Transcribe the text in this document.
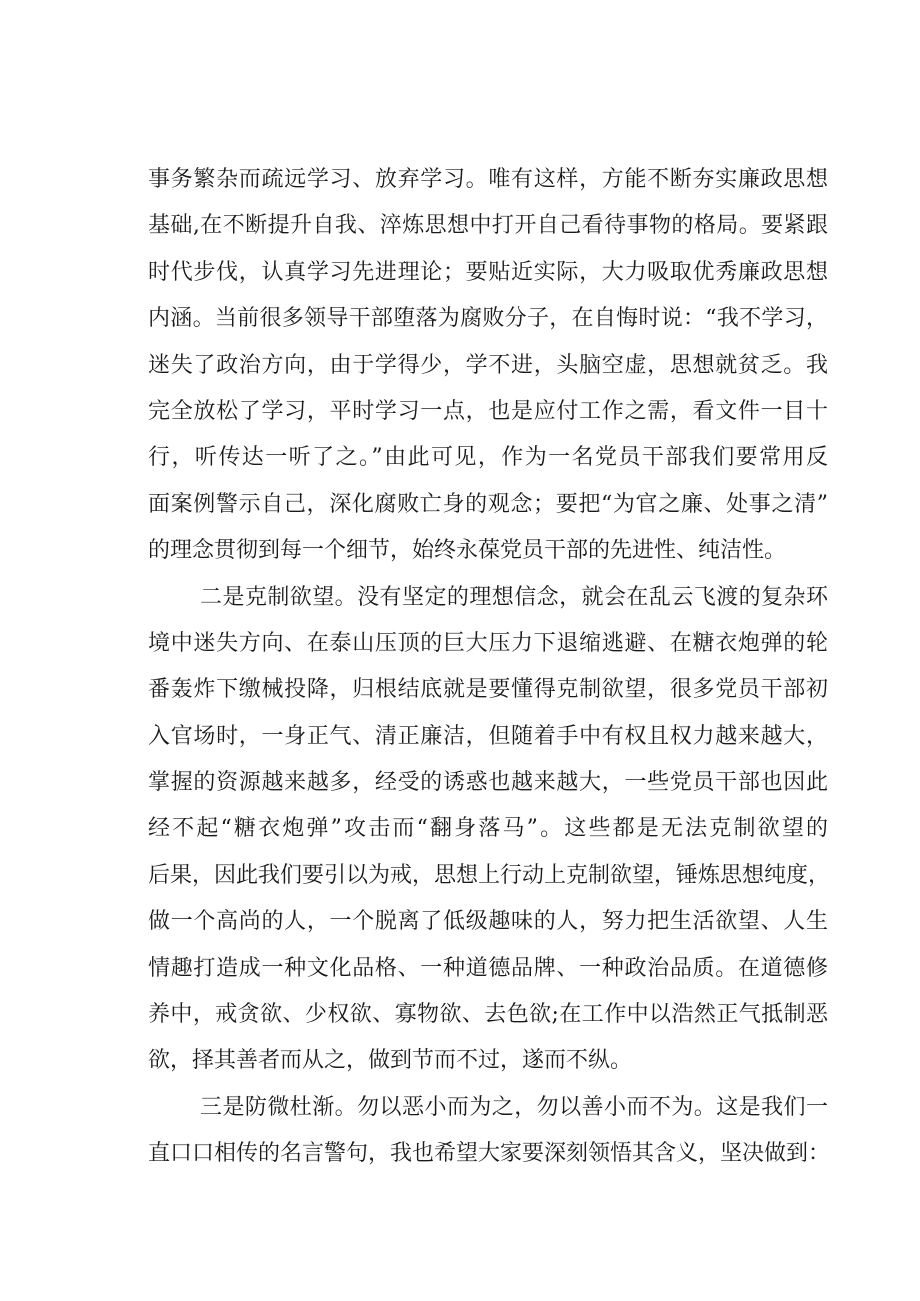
事务繁杂而疏远学习、放弃学习。唯有这样，方能不断夯实廉政思想
基础,在不断提升自我、淬炼思想中打开自己看待事物的格局。要紧跟
时代步伐，认真学习先进理论；要贴近实际，大力吸取优秀廉政思想
内涵。当前很多领导干部堕落为腐败分子，在自悔时说：“我不学习，
迷失了政治方向，由于学得少，学不进，头脑空虚，思想就贫乏。我
完全放松了学习，平时学习一点，也是应付工作之需，看文件一目十
行，听传达一听了之。”由此可见，作为一名党员干部我们要常用反
面案例警示自己，深化腐败亡身的观念；要把“为官之廉、处事之清”
的理念贯彻到每一个细节，始终永葆党员干部的先进性、纯洁性。
二是克制欲望。没有坚定的理想信念，就会在乱云飞渡的复杂环
境中迷失方向、在泰山压顶的巨大压力下退缩逃避、在糖衣炮弹的轮
番轰炸下缴械投降，归根结底就是要懂得克制欲望，很多党员干部初
入官场时，一身正气、清正廉洁，但随着手中有权且权力越来越大，
掌握的资源越来越多，经受的诱惑也越来越大，一些党员干部也因此
经不起“糖衣炮弹”攻击而“翻身落马”。这些都是无法克制欲望的
后果，因此我们要引以为戒，思想上行动上克制欲望，锤炼思想纯度，
做一个高尚的人，一个脱离了低级趣味的人，努力把生活欲望、人生
情趣打造成一种文化品格、一种道德品牌、一种政治品质。在道德修
养中，戒贪欲、少权欲、寡物欲、去色欲;在工作中以浩然正气抵制恶
欲，择其善者而从之，做到节而不过，遂而不纵。
三是防微杜渐。勿以恶小而为之，勿以善小而不为。这是我们一
直口口相传的名言警句，我也希望大家要深刻领悟其含义，坚决做到：
